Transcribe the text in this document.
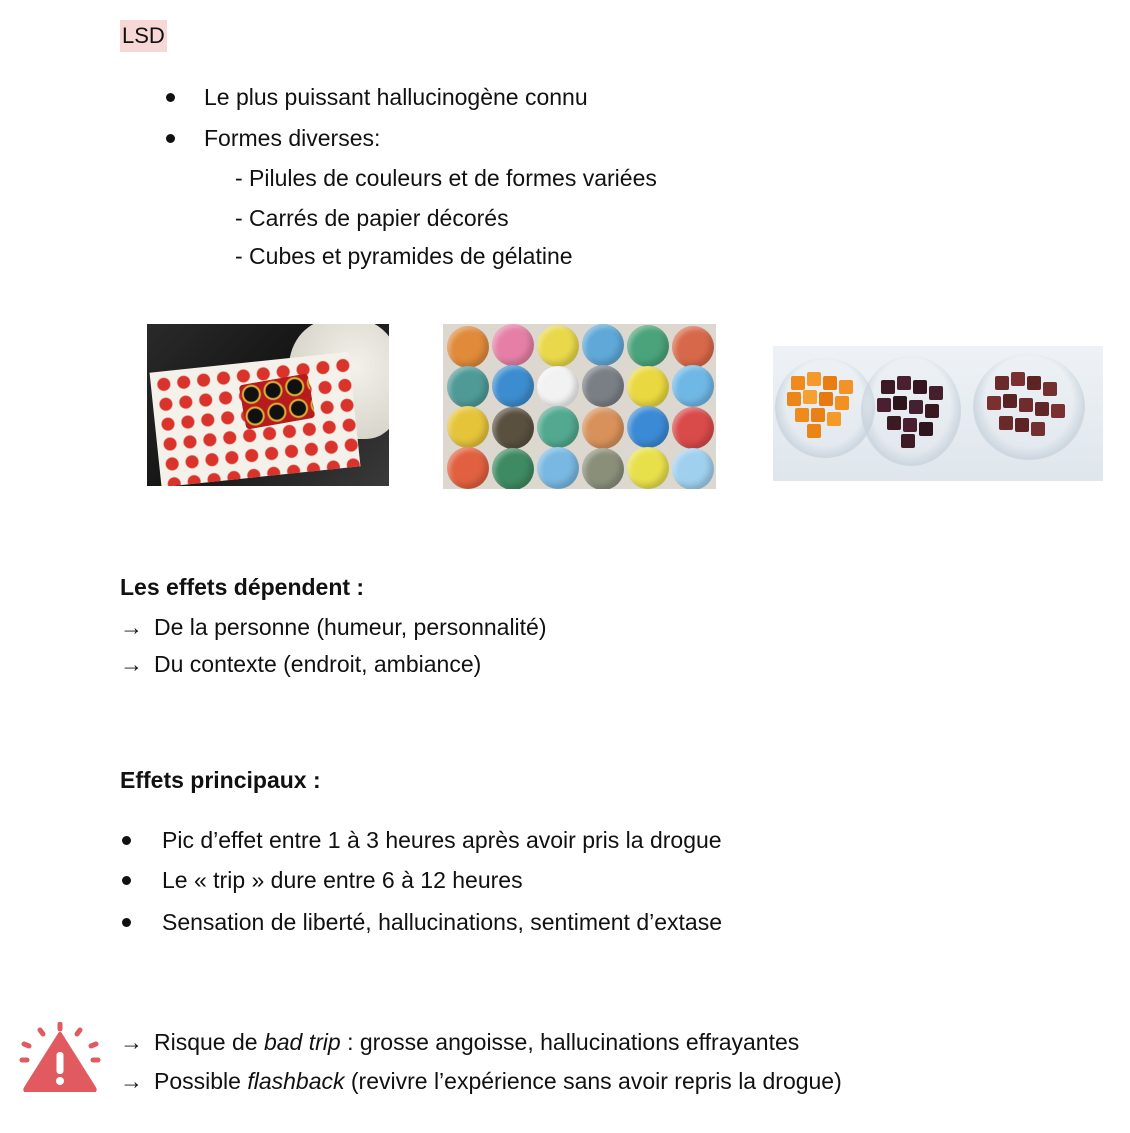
LSD
Le plus puissant hallucinogène connu
Formes diverses:
- Pilules de couleurs et de formes variées
- Carrés de papier décorés
- Cubes et pyramides de gélatine
Les effets dépendent :
→ De la personne (humeur, personnalité)
→ Du contexte (endroit, ambiance)
Effets principaux :
Pic d’effet entre 1 à 3 heures après avoir pris la drogue
Le « trip » dure entre 6 à 12 heures
Sensation de liberté, hallucinations, sentiment d’extase
→ Risque de bad trip : grosse angoisse, hallucinations effrayantes
→ Possible flashback (revivre l’expérience sans avoir repris la drogue)
